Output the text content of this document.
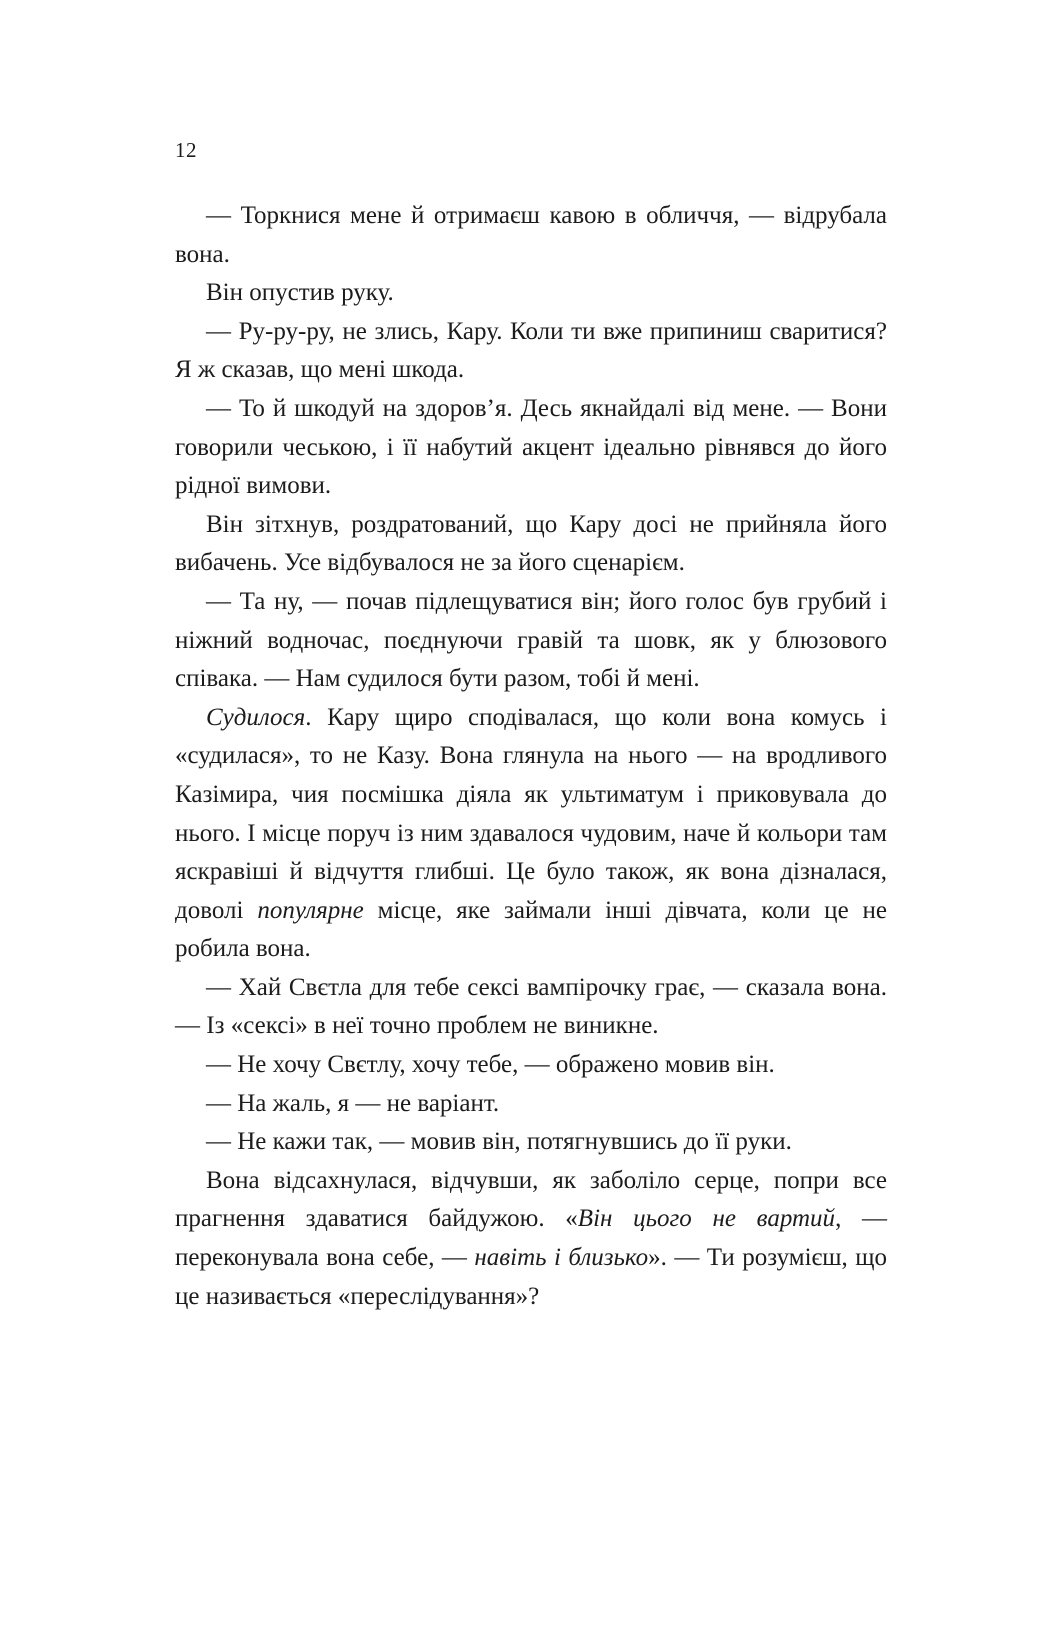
12

— Торкнися мене й отримаєш кавою в обличчя, — відрубала вона.

Він опустив руку.

— Ру-ру-ру, не злись, Кару. Коли ти вже припиниш сваритися? Я ж сказав, що мені шкода.

— То й шкодуй на здоров’я. Десь якнайдалі від мене. — Вони говорили чеською, і її набутий акцент ідеально рівнявся до його рідної вимови.

Він зітхнув, роздратований, що Кару досі не прийняла його вибачень. Усе відбувалося не за його сценарієм.

— Та ну, — почав підлещуватися він; його голос був грубий і ніжний водночас, поєднуючи гравій та шовк, як у блюзового співака. — Нам судилося бути разом, тобі й мені.

Судилося. Кару щиро сподівалася, що коли вона комусь і «судилася», то не Казу. Вона глянула на нього — на вродливого Казімира, чия посмішка діяла як ультиматум і приковувала до нього. І місце поруч із ним здавалося чудовим, наче й кольори там яскравіші й відчуття глибші. Це було також, як вона дізналася, доволі популярне місце, яке займали інші дівчата, коли це не робила вона.

— Хай Свєтла для тебе сексі вампірочку грає, — сказала вона. — Із «сексі» в неї точно проблем не виникне.

— Не хочу Свєтлу, хочу тебе, — ображено мовив він.

— На жаль, я — не варіант.

— Не кажи так, — мовив він, потягнувшись до її руки.

Вона відсахнулася, відчувши, як заболіло серце, попри все прагнення здаватися байдужою. «Він цього не вартий, — переконувала вона себе, — навіть і близько». — Ти розумієш, що це називається «переслідування»?
